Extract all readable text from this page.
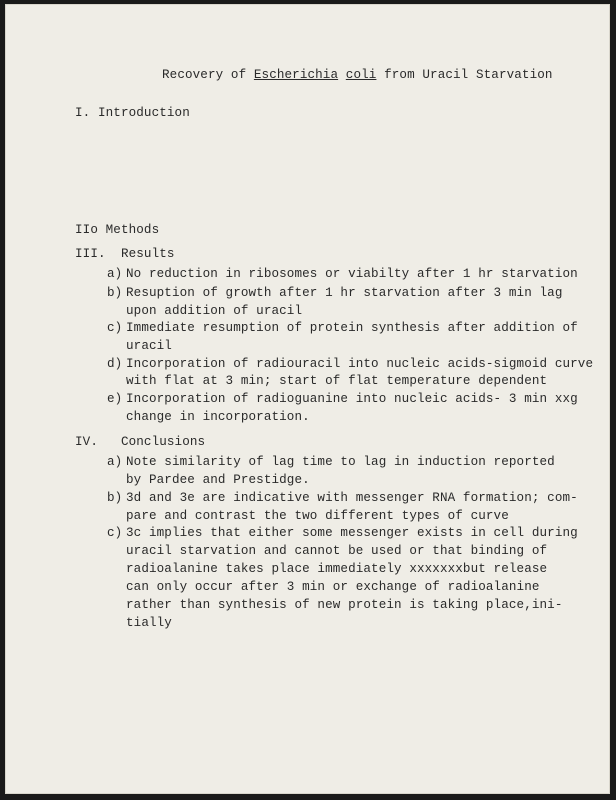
Recovery of Escherichia coli from Uracil Starvation
I. Introduction
IIo Methods
III.  Results
a) No reduction in ribosomes or viabilty after 1 hr starvation
b) Resuption of growth after 1 hr starvation after 3 min lag
upon addition of uracil
c) Immediate resumption of protein synthesis after addition of
uracil
d) Incorporation of radiouracil into nucleic acids-sigmoid curve
with flat at 3 min; start of flat temperature dependent
e) Incorporation of radioguanine into nucleic acids- 3 min xxg
change in incorporation.
IV.   Conclusions
a) Note similarity of lag time to lag in induction reported
by Pardee and Prestidge.
b) 3d and 3e are indicative with messenger RNA formation; com-
pare and contrast the two different types of curve
c) 3c implies that either some messenger exists in cell during
uracil starvation and cannot be used or that binding of
radioalanine takes place immediately xxxxxxxbut release
can only occur after 3 min or exchange of radioalanine
rather than synthesis of new protein is taking place,ini-
tially
